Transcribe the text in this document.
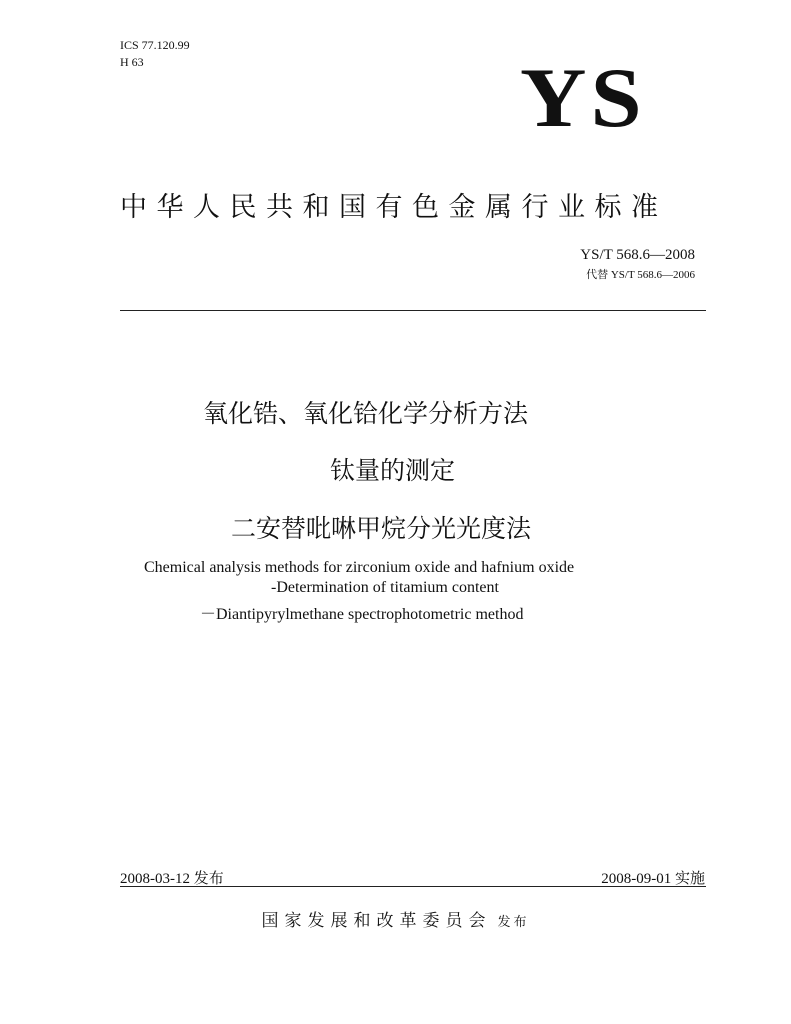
ICS 77.120.99
H 63	YS
中华人民共和国有色金属行业标准
YS/T 568.6—2008
代替 YS/T 568.6—2006
氧化锆、氧化铪化学分析方法
钛量的测定
二安替吡啉甲烷分光光度法
Chemical analysis methods for zirconium oxide and hafnium oxide
-Determination of titamium content
－Diantipyrylmethane spectrophotometric method
2008-03-12 发布	2008-09-01 实施
国家发展和改革委员会 发布
